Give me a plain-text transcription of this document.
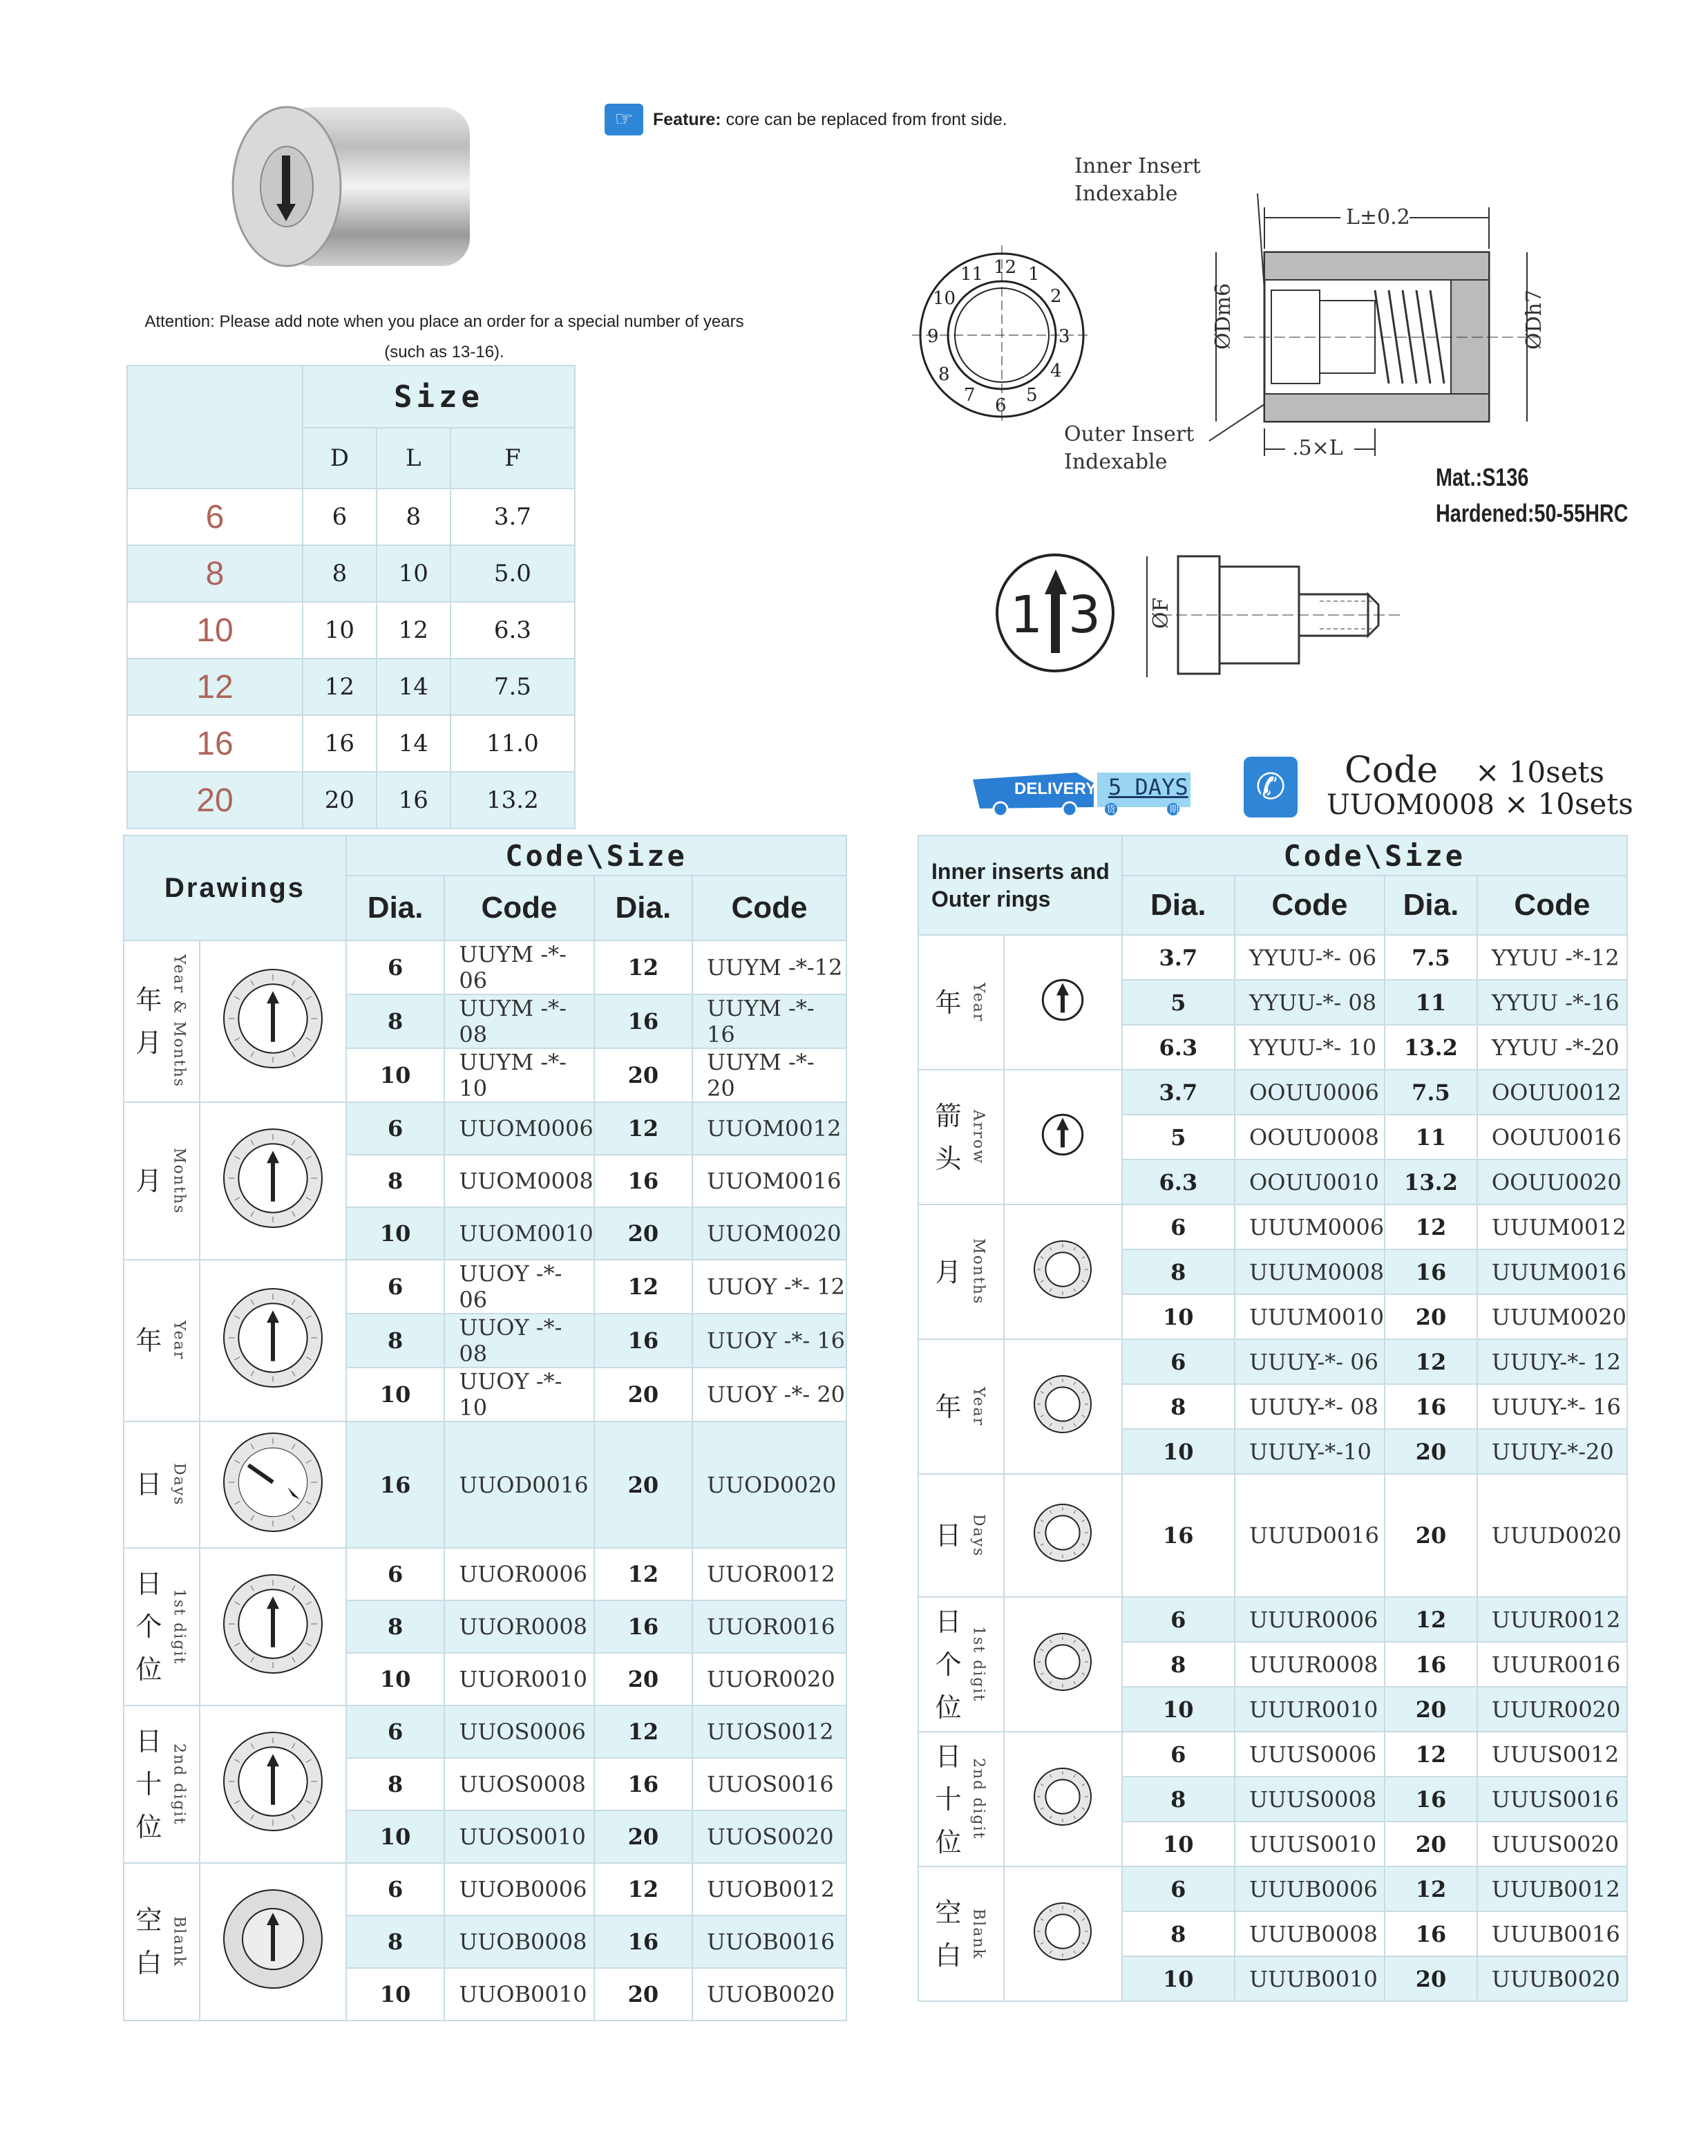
☞	Feature: core can be replaced from front side.
Attention: Please add note when you place an order for a special number of years
(such as 13-16).
12 1
2
3
4
5
6
7
8
9
10
11
Inner Insert
Indexable
Outer Insert
Indexable
L±0.2
ØDm6	ØDh7
.5×L
Mat.:S136
Hardened:50-55HRC
1 3 ØF
DELIVERY 5 DAYS
货	期
✆	Code × 10sets
UUOM0008 × 10sets
	Size		
	D	L	F
6	6	8	3.7
8	8	10	5.0
10	10	12	6.3
12	12	14	7.5
16	16	14	11.0
20	20	16	13.2
Drawings		Code\Size			
		Dia.	Code	Dia.	Code

年
月 Year & Months		6	UUYM -*- 06	12	UUYM -*-12
		8	UUYM -*- 08	16	UUYM -*- 16
		10	UUYM -*- 10	20	UUYM -*- 20

月 Months		6	UUOM0006	12	UUOM0012
		8	UUOM0008	16	UUOM0016
		10	UUOM0010	20	UUOM0020

年 Year		6	UUOY -*- 06	12	UUOY -*- 12
		8	UUOY -*- 08	16	UUOY -*- 16
		10	UUOY -*- 10	20	UUOY -*- 20

日 Days		16	UUOD0016	20	UUOD0020

日
个
位
1st digit		6	UUOR0006	12	UUOR0012
		8	UUOR0008	16	UUOR0016
		10	UUOR0010	20	UUOR0020

日
十
位
2nd digit		6	UUOS0006	12	UUOS0012
		8	UUOS0008	16	UUOS0016
		10	UUOS0010	20	UUOS0020

空
白 Blank		6	UUOB0006	12	UUOB0012
		8	UUOB0008	16	UUOB0016
		10	UUOB0010	20	UUOB0020
Inner inserts and
Outer rings		Code\Size			
		Dia.	Code	Dia.	Code

年 Year		3.7	YYUU-*- 06	7.5	YYUU -*-12
		5	YYUU-*- 08	11	YYUU -*-16
		6.3	YYUU-*- 10	13.2	YYUU -*-20

箭
头 Arrow		3.7	OOUU0006	7.5	OOUU0012
		5	OOUU0008	11	OOUU0016
		6.3	OOUU0010	13.2	OOUU0020

月 Months		6	UUUM0006	12	UUUM0012
		8	UUUM0008	16	UUUM0016
		10	UUUM0010	20	UUUM0020

年 Year		6	UUUY-*- 06	12	UUUY-*- 12
		8	UUUY-*- 08	16	UUUY-*- 16
		10	UUUY-*-10	20	UUUY-*-20

日 Days		16	UUUD0016	20	UUUD0020

日
个
位
1st digit		6	UUUR0006	12	UUUR0012
		8	UUUR0008	16	UUUR0016
		10	UUUR0010	20	UUUR0020

日
十
位
2nd digit		6	UUUS0006	12	UUUS0012
		8	UUUS0008	16	UUUS0016
		10	UUUS0010	20	UUUS0020

空
白 Blank		6	UUUB0006	12	UUUB0012
		8	UUUB0008	16	UUUB0016
		10	UUUB0010	20	UUUB0020
